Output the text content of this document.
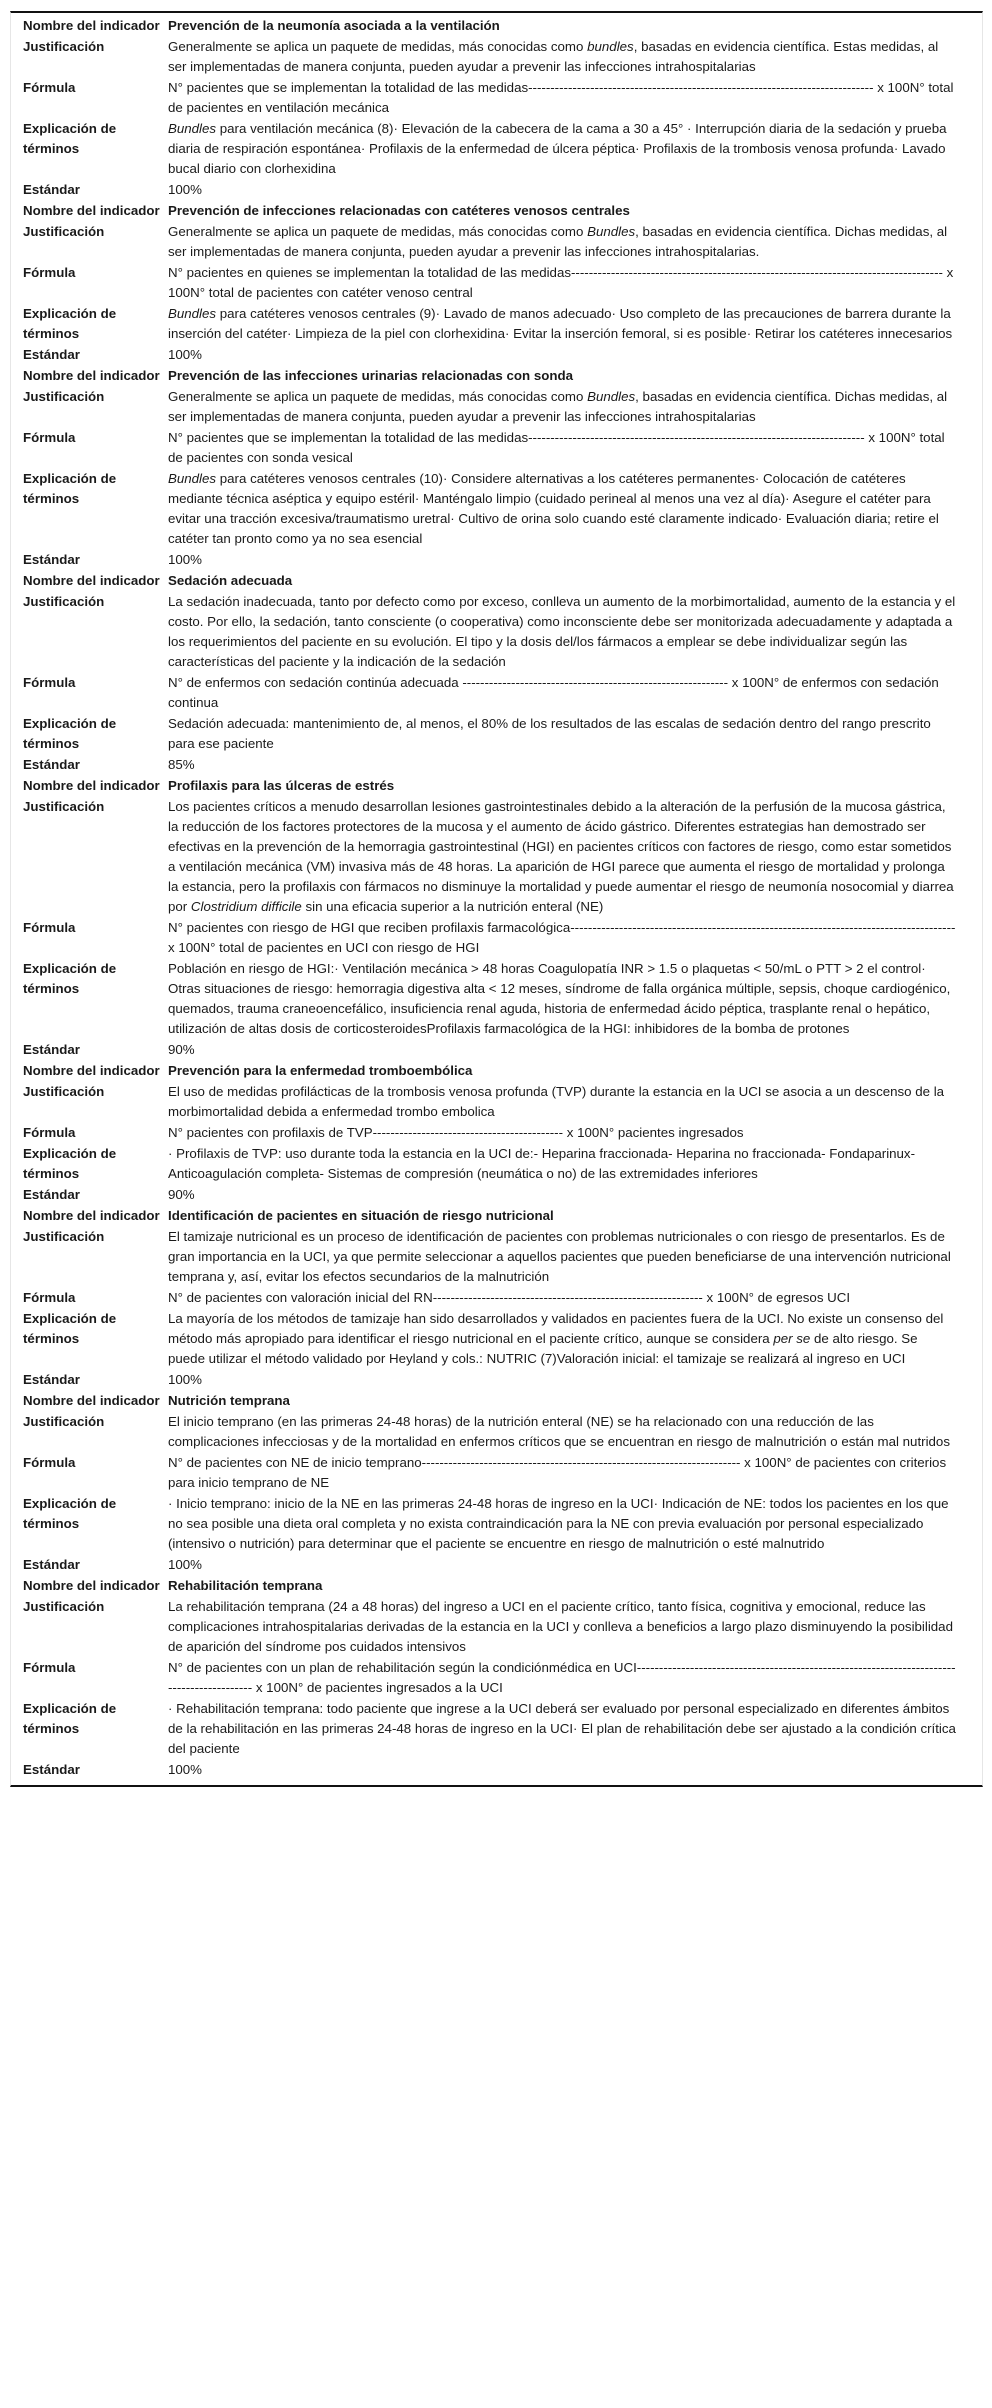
Nombre del indicador	Prevención de la neumonía asociada a la ventilación
Justificación	Generalmente se aplica un paquete de medidas, más conocidas como bundles, basadas en evidencia científica. Estas medidas, al ser implementadas de manera conjunta, pueden ayudar a prevenir las infecciones intrahospitalarias
Fórmula	N° pacientes que se implementan la totalidad de las medidas------------------------------------------------------------------------------ x 100N° total de pacientes en ventilación mecánica
Explicación de términos	Bundles para ventilación mecánica (8)· Elevación de la cabecera de la cama a 30 a 45° · Interrupción diaria de la sedación y prueba diaria de respiración espontánea· Profilaxis de la enfermedad de úlcera péptica· Profilaxis de la trombosis venosa profunda· Lavado bucal diario con clorhexidina
Estándar	100%
Nombre del indicador	Prevención de infecciones relacionadas con catéteres venosos centrales
Justificación	Generalmente se aplica un paquete de medidas, más conocidas como Bundles, basadas en evidencia científica. Dichas medidas, al ser implementadas de manera conjunta, pueden ayudar a prevenir las infecciones intrahospitalarias.
Fórmula	N° pacientes en quienes se implementan la totalidad de las medidas------------------------------------------------------------------------------------ x 100N° total de pacientes con catéter venoso central
Explicación de términos	Bundles para catéteres venosos centrales (9)· Lavado de manos adecuado· Uso completo de las precauciones de barrera durante la inserción del catéter· Limpieza de la piel con clorhexidina· Evitar la inserción femoral, si es posible· Retirar los catéteres innecesarios
Estándar	100%
Nombre del indicador	Prevención de las infecciones urinarias relacionadas con sonda
Justificación	Generalmente se aplica un paquete de medidas, más conocidas como Bundles, basadas en evidencia científica. Dichas medidas, al ser implementadas de manera conjunta, pueden ayudar a prevenir las infecciones intrahospitalarias
Fórmula	N° pacientes que se implementan la totalidad de las medidas---------------------------------------------------------------------------- x 100N° total de pacientes con sonda vesical
Explicación de términos	Bundles para catéteres venosos centrales (10)· Considere alternativas a los catéteres permanentes· Colocación de catéteres mediante técnica aséptica y equipo estéril· Manténgalo limpio (cuidado perineal al menos una vez al día)· Asegure el catéter para evitar una tracción excesiva/traumatismo uretral· Cultivo de orina solo cuando esté claramente indicado· Evaluación diaria; retire el catéter tan pronto como ya no sea esencial
Estándar	100%
Nombre del indicador	Sedación adecuada
Justificación	La sedación inadecuada, tanto por defecto como por exceso, conlleva un aumento de la morbimortalidad, aumento de la estancia y el costo. Por ello, la sedación, tanto consciente (o cooperativa) como inconsciente debe ser monitorizada adecuadamente y adaptada a los requerimientos del paciente en su evolución. El tipo y la dosis del/los fármacos a emplear se debe individualizar según las características del paciente y la indicación de la sedación
Fórmula	N° de enfermos con sedación continúa adecuada ------------------------------------------------------------ x 100N° de enfermos con sedación continua
Explicación de términos	Sedación adecuada: mantenimiento de, al menos, el 80% de los resultados de las escalas de sedación dentro del rango prescrito para ese paciente
Estándar	85%
Nombre del indicador	Profilaxis para las úlceras de estrés
Justificación	Los pacientes críticos a menudo desarrollan lesiones gastrointestinales debido a la alteración de la perfusión de la mucosa gástrica, la reducción de los factores protectores de la mucosa y el aumento de ácido gástrico. Diferentes estrategias han demostrado ser efectivas en la prevención de la hemorragia gastrointestinal (HGI) en pacientes críticos con factores de riesgo, como estar sometidos a ventilación mecánica (VM) invasiva más de 48 horas. La aparición de HGI parece que aumenta el riesgo de mortalidad y prolonga la estancia, pero la profilaxis con fármacos no disminuye la mortalidad y puede aumentar el riesgo de neumonía nosocomial y diarrea por Clostridium difficile sin una eficacia superior a la nutrición enteral (NE)
Fórmula	N° pacientes con riesgo de HGI que reciben profilaxis farmacológica--------------------------------------------------------------------------------------- x 100N° total de pacientes en UCI con riesgo de HGI
Explicación de términos	Población en riesgo de HGI:· Ventilación mecánica > 48 horas Coagulopatía INR > 1.5 o plaquetas < 50/mL o PTT > 2 el control· Otras situaciones de riesgo: hemorragia digestiva alta < 12 meses, síndrome de falla orgánica múltiple, sepsis, choque cardiogénico, quemados, trauma craneoencefálico, insuficiencia renal aguda, historia de enfermedad ácido péptica, trasplante renal o hepático, utilización de altas dosis de corticosteroidesProfilaxis farmacológica de la HGI: inhibidores de la bomba de protones
Estándar	90%
Nombre del indicador	Prevención para la enfermedad tromboembólica
Justificación	El uso de medidas profilácticas de la trombosis venosa profunda (TVP) durante la estancia en la UCI se asocia a un descenso de la morbimortalidad debida a enfermedad trombo embolica
Fórmula	N° pacientes con profilaxis de TVP------------------------------------------- x 100N° pacientes ingresados
Explicación de términos	· Profilaxis de TVP: uso durante toda la estancia en la UCI de:- Heparina fraccionada- Heparina no fraccionada- Fondaparinux- Anticoagulación completa- Sistemas de compresión (neumática o no) de las extremidades inferiores
Estándar	90%
Nombre del indicador	Identificación de pacientes en situación de riesgo nutricional
Justificación	El tamizaje nutricional es un proceso de identificación de pacientes con problemas nutricionales o con riesgo de presentarlos. Es de gran importancia en la UCI, ya que permite seleccionar a aquellos pacientes que pueden beneficiarse de una intervención nutricional temprana y, así, evitar los efectos secundarios de la malnutrición
Fórmula	N° de pacientes con valoración inicial del RN------------------------------------------------------------- x 100N° de egresos UCI
Explicación de términos	La mayoría de los métodos de tamizaje han sido desarrollados y validados en pacientes fuera de la UCI. No existe un consenso del método más apropiado para identificar el riesgo nutricional en el paciente crítico, aunque se considera per se de alto riesgo. Se puede utilizar el método validado por Heyland y cols.: NUTRIC (7)Valoración inicial: el tamizaje se realizará al ingreso en UCI
Estándar	100%
Nombre del indicador	Nutrición temprana
Justificación	El inicio temprano (en las primeras 24-48 horas) de la nutrición enteral (NE) se ha relacionado con una reducción de las complicaciones infecciosas y de la mortalidad en enfermos críticos que se encuentran en riesgo de malnutrición o están mal nutridos
Fórmula	N° de pacientes con NE de inicio temprano------------------------------------------------------------------------ x 100N° de pacientes con criterios para inicio temprano de NE
Explicación de términos	· Inicio temprano: inicio de la NE en las primeras 24-48 horas de ingreso en la UCI· Indicación de NE: todos los pacientes en los que no sea posible una dieta oral completa y no exista contraindicación para la NE con previa evaluación por personal especializado (intensivo o nutrición) para determinar que el paciente se encuentre en riesgo de malnutrición o esté malnutrido
Estándar	100%
Nombre del indicador	Rehabilitación temprana
Justificación	La rehabilitación temprana (24 a 48 horas) del ingreso a UCI en el paciente crítico, tanto física, cognitiva y emocional, reduce las complicaciones intrahospitalarias derivadas de la estancia en la UCI y conlleva a beneficios a largo plazo disminuyendo la posibilidad de aparición del síndrome pos cuidados intensivos
Fórmula	N° de pacientes con un plan de rehabilitación según la condiciónmédica en UCI------------------------------------------------------------------------------------------- x 100N° de pacientes ingresados a la UCI
Explicación de términos	· Rehabilitación temprana: todo paciente que ingrese a la UCI deberá ser evaluado por personal especializado en diferentes ámbitos de la rehabilitación en las primeras 24-48 horas de ingreso en la UCI· El plan de rehabilitación debe ser ajustado a la condición crítica del paciente
Estándar	100%
